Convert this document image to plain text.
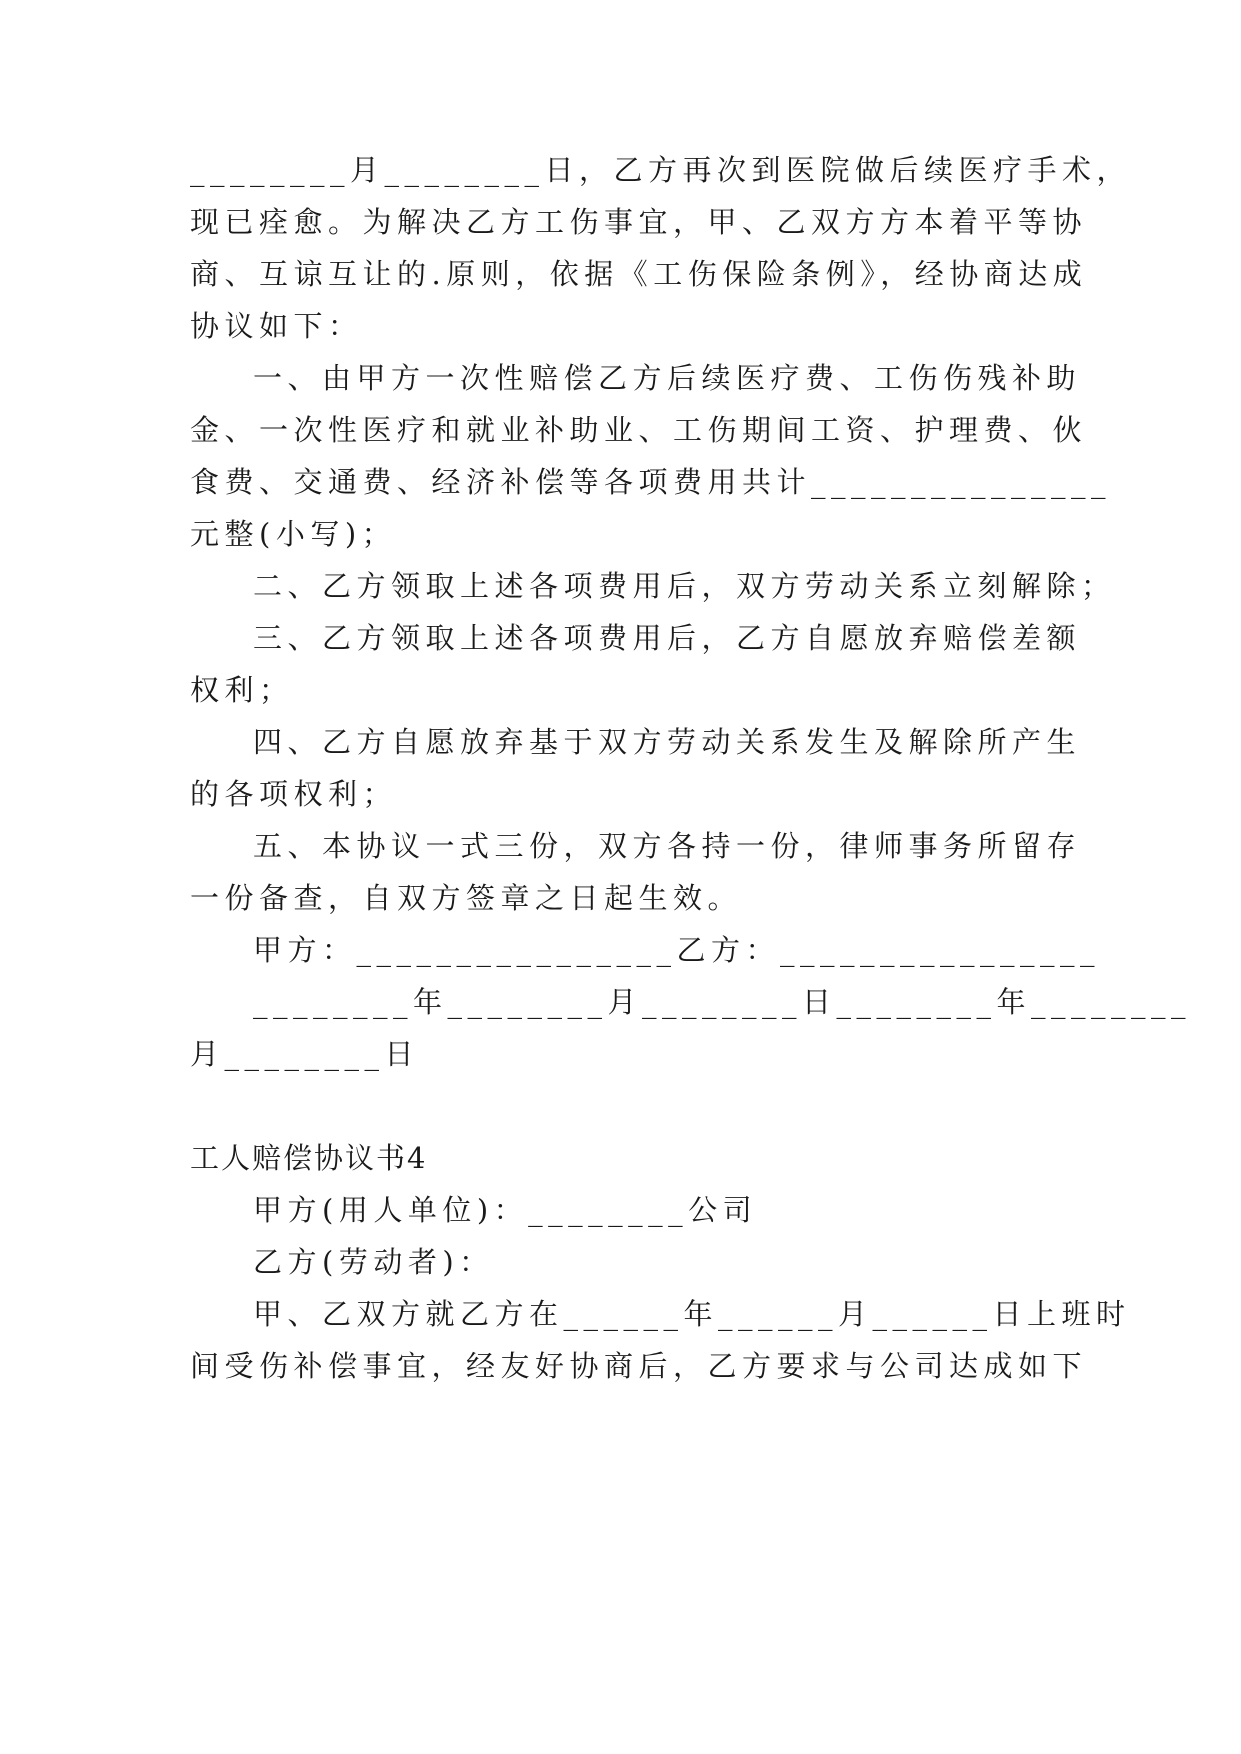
________月________日，乙方再次到医院做后续医疗手术，
现已痊愈。为解决乙方工伤事宜，甲、乙双方方本着平等协
商、互谅互让的.原则，依据《工伤保险条例》，经协商达成
协议如下：
一、由甲方一次性赔偿乙方后续医疗费、工伤伤残补助
金、一次性医疗和就业补助业、工伤期间工资、护理费、伙
食费、交通费、经济补偿等各项费用共计_______________
元整(小写)；
二、乙方领取上述各项费用后，双方劳动关系立刻解除；
三、乙方领取上述各项费用后，乙方自愿放弃赔偿差额
权利；
四、乙方自愿放弃基于双方劳动关系发生及解除所产生
的各项权利；
五、本协议一式三份，双方各持一份，律师事务所留存
一份备查，自双方签章之日起生效。
甲方：________________乙方：________________
________年________月________日________年________
月________日
工人赔偿协议书4
甲方(用人单位)：________公司
乙方(劳动者)：
甲、乙双方就乙方在______年______月______日上班时
间受伤补偿事宜，经友好协商后，乙方要求与公司达成如下
